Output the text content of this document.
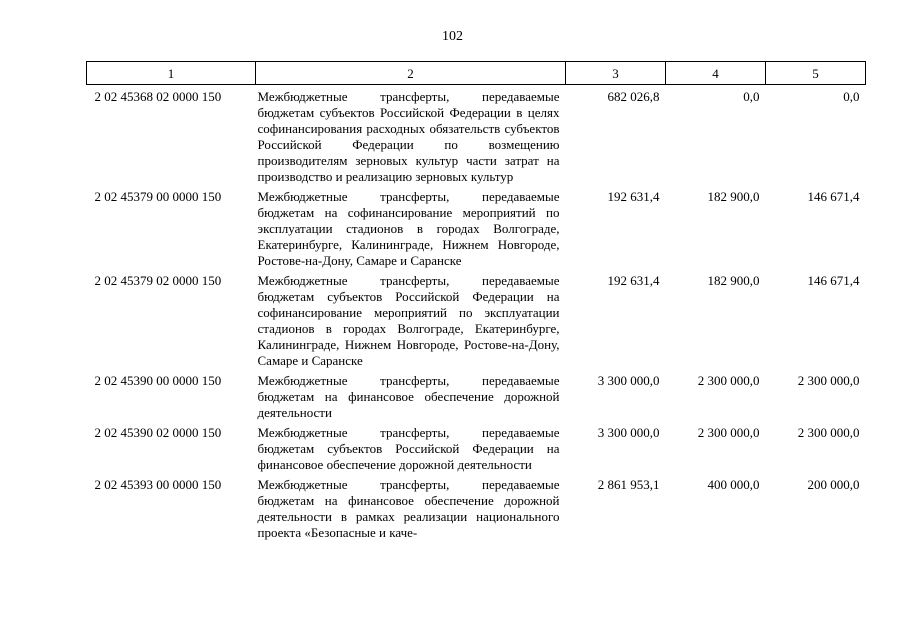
102
1	2	3	4	5
2 02 45368 02 0000 150	Межбюджетные трансферты, передаваемые бюджетам субъектов Российской Федерации в целях софинансирования расходных обязательств субъектов Российской Федерации по возмещению производителям зерновых культур части затрат на производство и реализацию зерновых культур	682 026,8	0,0	0,0
2 02 45379 00 0000 150	Межбюджетные трансферты, передаваемые бюджетам на софинансирование мероприятий по эксплуатации стадионов в городах Волгограде, Екатеринбурге, Калининграде, Нижнем Новгороде, Ростове-на-Дону, Самаре и Саранске	192 631,4	182 900,0	146 671,4
2 02 45379 02 0000 150	Межбюджетные трансферты, передаваемые бюджетам субъектов Российской Федерации на софинансирование мероприятий по эксплуатации стадионов в городах Волгограде, Екатеринбурге, Калининграде, Нижнем Новгороде, Ростове-на-Дону, Самаре и Саранске	192 631,4	182 900,0	146 671,4
2 02 45390 00 0000 150	Межбюджетные трансферты, передаваемые бюджетам на финансовое обеспечение дорожной деятельности	3 300 000,0	2 300 000,0	2 300 000,0
2 02 45390 02 0000 150	Межбюджетные трансферты, передаваемые бюджетам субъектов Российской Федерации на финансовое обеспечение дорожной деятельности	3 300 000,0	2 300 000,0	2 300 000,0
2 02 45393 00 0000 150	Межбюджетные трансферты, передаваемые бюджетам на финансовое обеспечение дорожной деятельности в рамках реализации национального проекта «Безопасные и каче-	2 861 953,1	400 000,0	200 000,0
